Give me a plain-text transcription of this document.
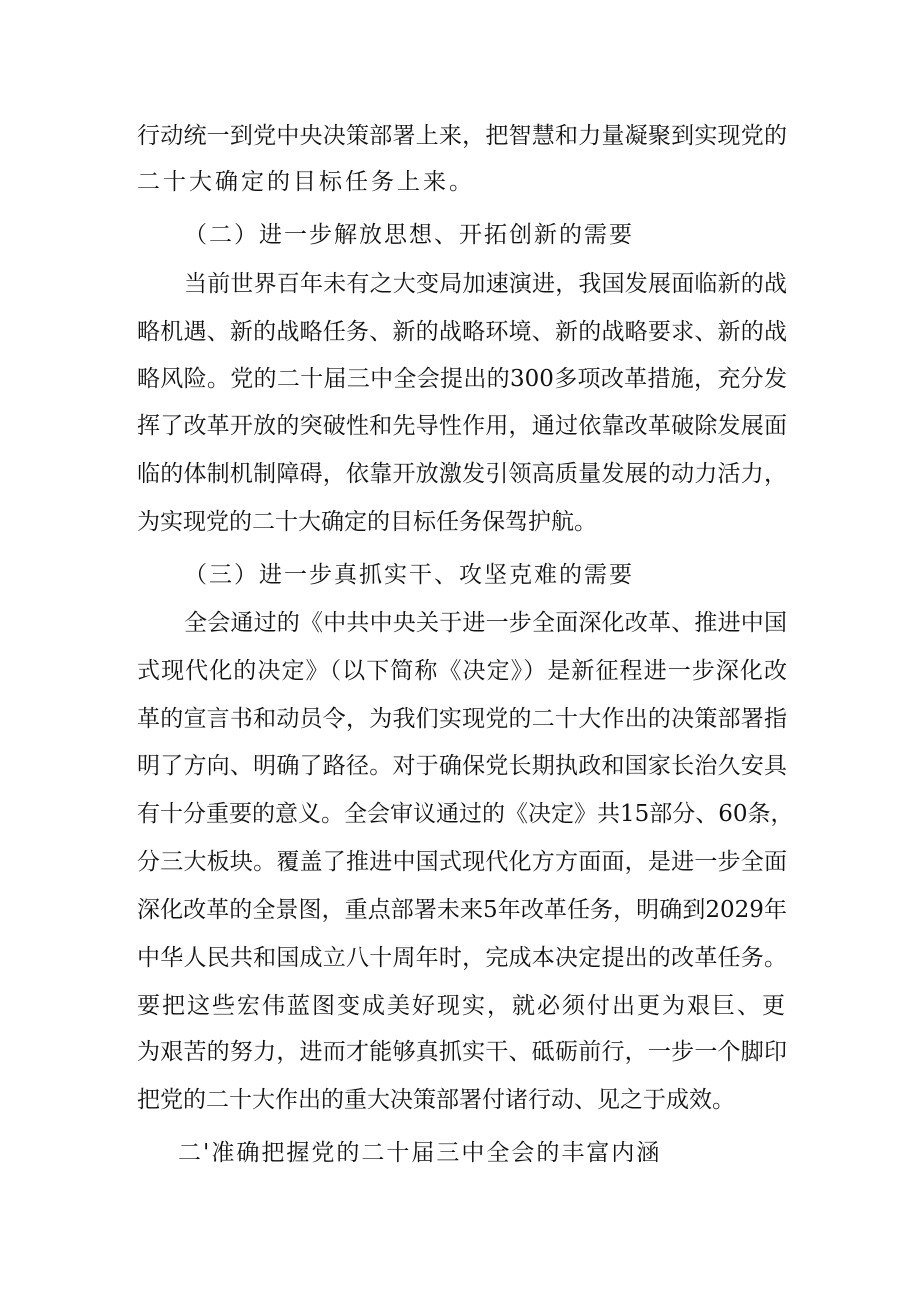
行动统一到党中央决策部署上来，把智慧和力量凝聚到实现党的
二十大确定的目标任务上来。
（二）进一步解放思想、开拓创新的需要
当前世界百年未有之大变局加速演进，我国发展面临新的战
略机遇、新的战略任务、新的战略环境、新的战略要求、新的战
略风险。党的二十届三中全会提出的300多项改革措施，充分发
挥了改革开放的突破性和先导性作用，通过依靠改革破除发展面
临的体制机制障碍，依靠开放激发引领高质量发展的动力活力，
为实现党的二十大确定的目标任务保驾护航。
（三）进一步真抓实干、攻坚克难的需要
全会通过的《中共中央关于进一步全面深化改革、推进中国
式现代化的决定》（以下简称《决定》）是新征程进一步深化改
革的宣言书和动员令，为我们实现党的二十大作出的决策部署指
明了方向、明确了路径。对于确保党长期执政和国家长治久安具
有十分重要的意义。全会审议通过的《决定》共15部分、60条，
分三大板块。覆盖了推进中国式现代化方方面面，是进一步全面
深化改革的全景图，重点部署未来5年改革任务，明确到2029年
中华人民共和国成立八十周年时，完成本决定提出的改革任务。
要把这些宏伟蓝图变成美好现实，就必须付出更为艰巨、更
为艰苦的努力，进而才能够真抓实干、砥砺前行，一步一个脚印
把党的二十大作出的重大决策部署付诸行动、见之于成效。
二'准确把握党的二十届三中全会的丰富内涵
